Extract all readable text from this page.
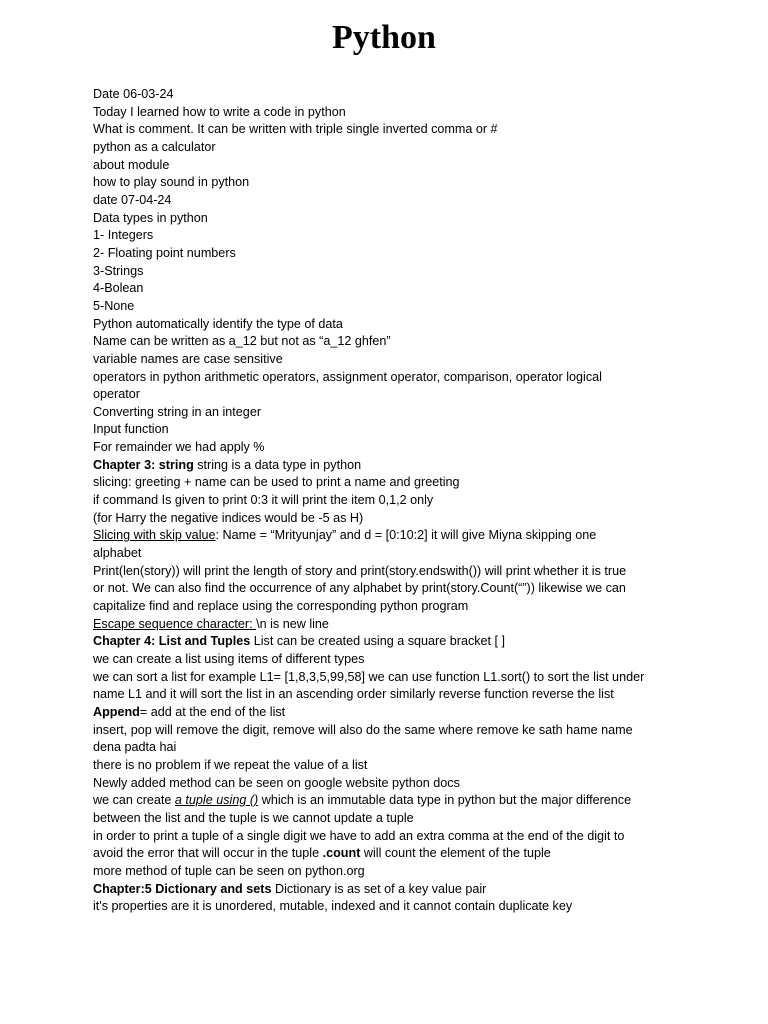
Python
Date 06-03-24
Today I learned how to write a code in python
What is comment. It can be written with triple single inverted comma or #
python as a calculator
about module
how to play sound in python
date 07-04-24
Data types in python
1- Integers
2- Floating point numbers
3-Strings
4-Bolean
5-None
Python automatically identify the type of data
Name can be written as a_12 but not as “a_12 ghfen”
variable names are case sensitive
operators in python arithmetic operators, assignment operator, comparison, operator logical
operator
Converting string in an integer
Input function
For remainder we had apply %
Chapter 3: string string is a data type in python
slicing: greeting + name can be used to print a name and greeting
if command Is given to print 0:3 it will print the item 0,1,2 only
(for Harry the negative indices would be -5 as H)
Slicing with skip value: Name = “Mrityunjay” and d = [0:10:2] it will give Miyna skipping one
alphabet
Print(len(story)) will print the length of story and print(story.endswith()) will print whether it is true
or not. We can also find the occurrence of any alphabet by print(story.Count(“”)) likewise we can
capitalize find and replace using the corresponding python program
Escape sequence character: \n is new line
Chapter 4: List and Tuples List can be created using a square bracket [ ]
we can create a list using items of different types
we can sort a list for example L1= [1,8,3,5,99,58] we can use function L1.sort() to sort the list under
name L1 and it will sort the list in an ascending order similarly reverse function reverse the list
Append= add at the end of the list
insert, pop will remove the digit, remove will also do the same where remove ke sath hame name
dena padta hai
there is no problem if we repeat the value of a list
Newly added method can be seen on google website python docs
we can create a tuple using () which is an immutable data type in python but the major difference
between the list and the tuple is we cannot update a tuple
in order to print a tuple of a single digit we have to add an extra comma at the end of the digit to
avoid the error that will occur in the tuple .count will count the element of the tuple
more method of tuple can be seen on python.org
Chapter:5 Dictionary and sets Dictionary is as set of a key value pair
it's properties are it is unordered, mutable, indexed and it cannot contain duplicate key
